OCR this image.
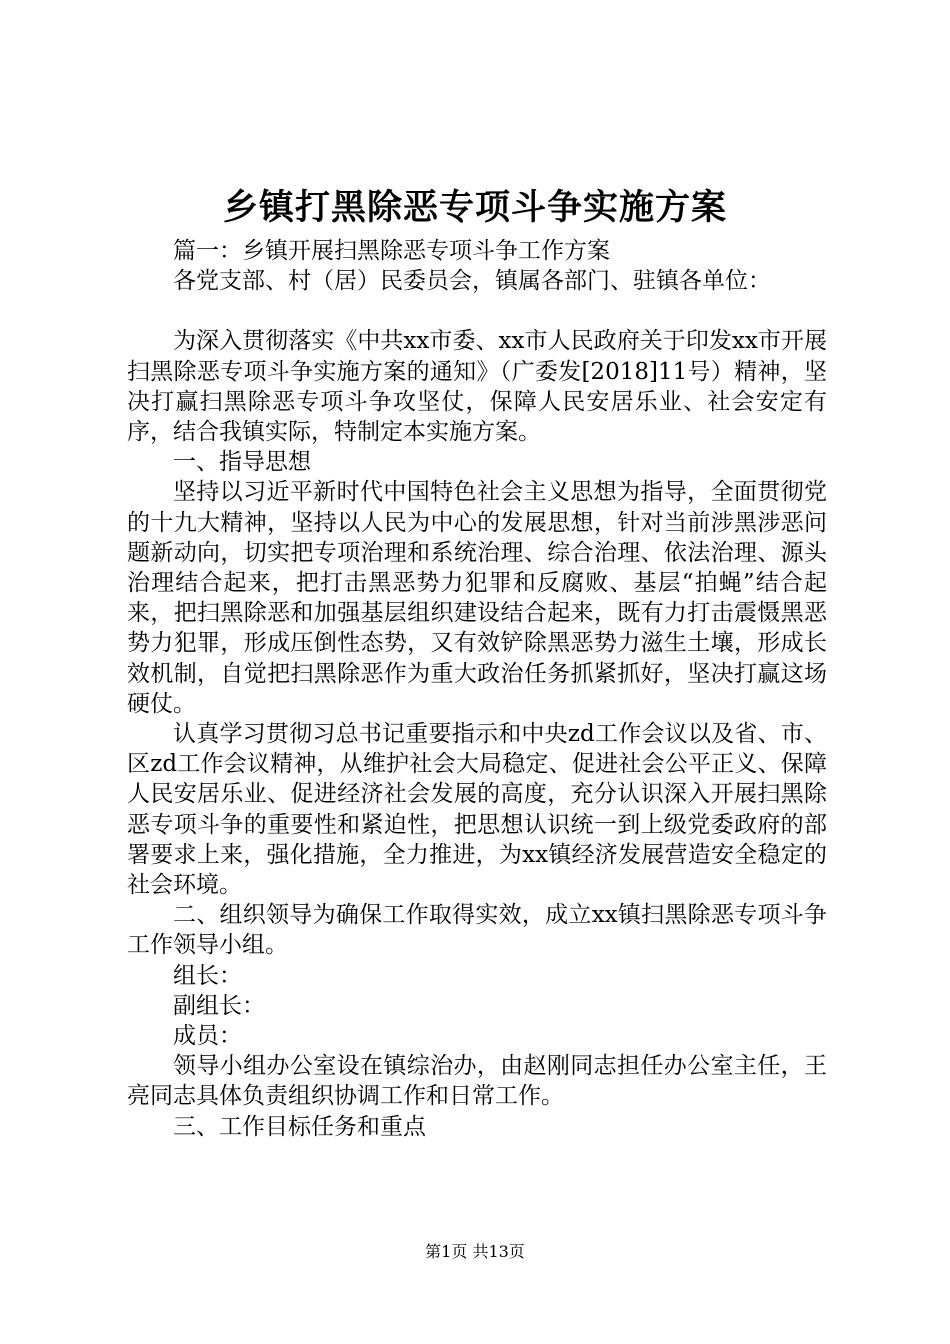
乡镇打黑除恶专项斗争实施方案

篇一：乡镇开展扫黑除恶专项斗争工作方案

各党支部、村（居）民委员会，镇属各部门、驻镇各单位：

为深入贯彻落实《中共xx市委、xx市人民政府关于印发xx市开展扫黑除恶专项斗争实施方案的通知》（广委发[2018]11号）精神，坚决打赢扫黑除恶专项斗争攻坚仗，保障人民安居乐业、社会安定有序，结合我镇实际，特制定本实施方案。

一、指导思想

坚持以习近平新时代中国特色社会主义思想为指导，全面贯彻党的十九大精神，坚持以人民为中心的发展思想，针对当前涉黑涉恶问题新动向，切实把专项治理和系统治理、综合治理、依法治理、源头治理结合起来，把打击黑恶势力犯罪和反腐败、基层“拍蝇”结合起来，把扫黑除恶和加强基层组织建设结合起来，既有力打击震慑黑恶势力犯罪，形成压倒性态势，又有效铲除黑恶势力滋生土壤，形成长效机制，自觉把扫黑除恶作为重大政治任务抓紧抓好，坚决打赢这场硬仗。

认真学习贯彻习总书记重要指示和中央zd工作会议以及省、市、区zd工作会议精神，从维护社会大局稳定、促进社会公平正义、保障人民安居乐业、促进经济社会发展的高度，充分认识深入开展扫黑除恶专项斗争的重要性和紧迫性，把思想认识统一到上级党委政府的部署要求上来，强化措施，全力推进，为xx镇经济发展营造安全稳定的社会环境。

二、组织领导为确保工作取得实效，成立xx镇扫黑除恶专项斗争工作领导小组。

组长：

副组长：

成员：

领导小组办公室设在镇综治办，由赵刚同志担任办公室主任，王亮同志具体负责组织协调工作和日常工作。

三、工作目标任务和重点

第1页 共13页
